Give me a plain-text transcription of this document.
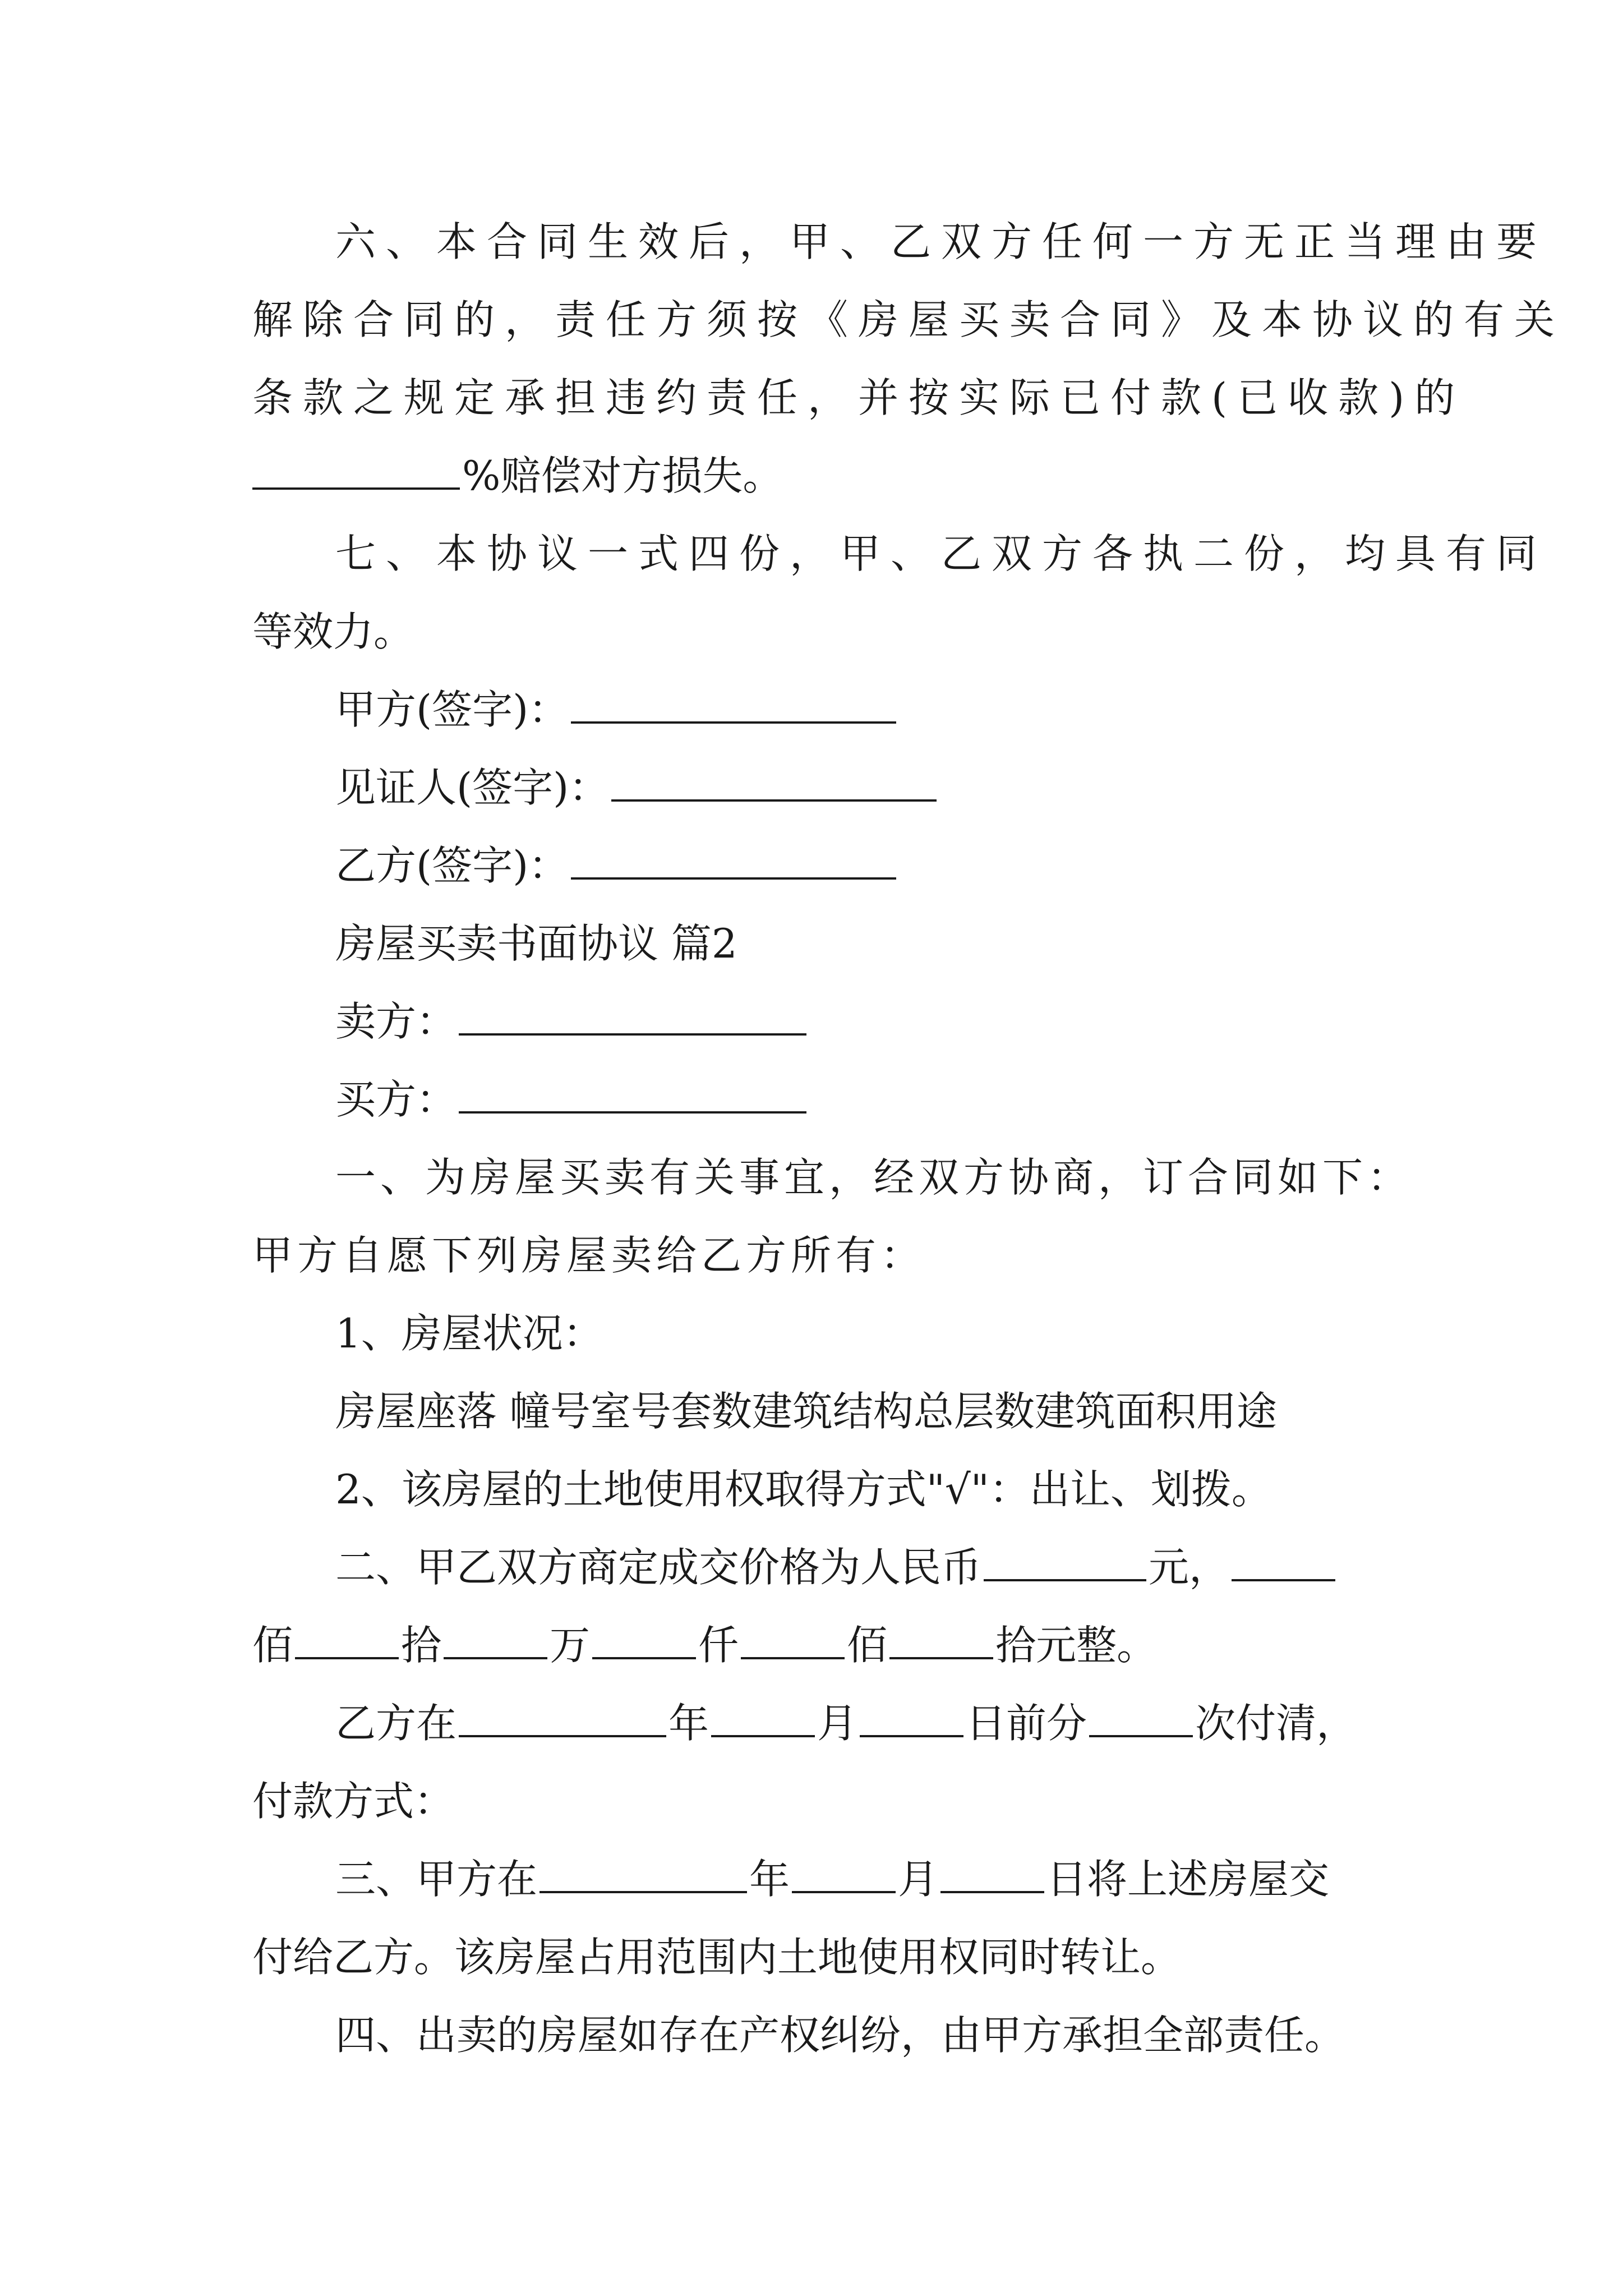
六、本合同生效后，甲、乙双方任何一方无正当理由要
解除合同的，责任方须按《房屋买卖合同》及本协议的有关
条款之规定承担违约责任，并按实际已付款(已收款)的
%赔偿对方损失。
七、本协议一式四份，甲、乙双方各执二份，均具有同
等效力。
甲方(签字)：
见证人(签字)：
乙方(签字)：
房屋买卖书面协议 篇2
卖方：
买方：
一、为房屋买卖有关事宜，经双方协商，订合同如下：
甲方自愿下列房屋卖给乙方所有：
1、房屋状况：
房屋座落 幢号室号套数建筑结构总层数建筑面积用途
2、该房屋的土地使用权取得方式"√"：出让、划拨。
二、甲乙双方商定成交价格为人民币	元，
佰	拾	万	仟	佰	拾元整。
乙方在	年	月	日前分	次付清，
付款方式：
三、甲方在	年	月	日将上述房屋交
付给乙方。该房屋占用范围内土地使用权同时转让。
四、出卖的房屋如存在产权纠纷，由甲方承担全部责任。
